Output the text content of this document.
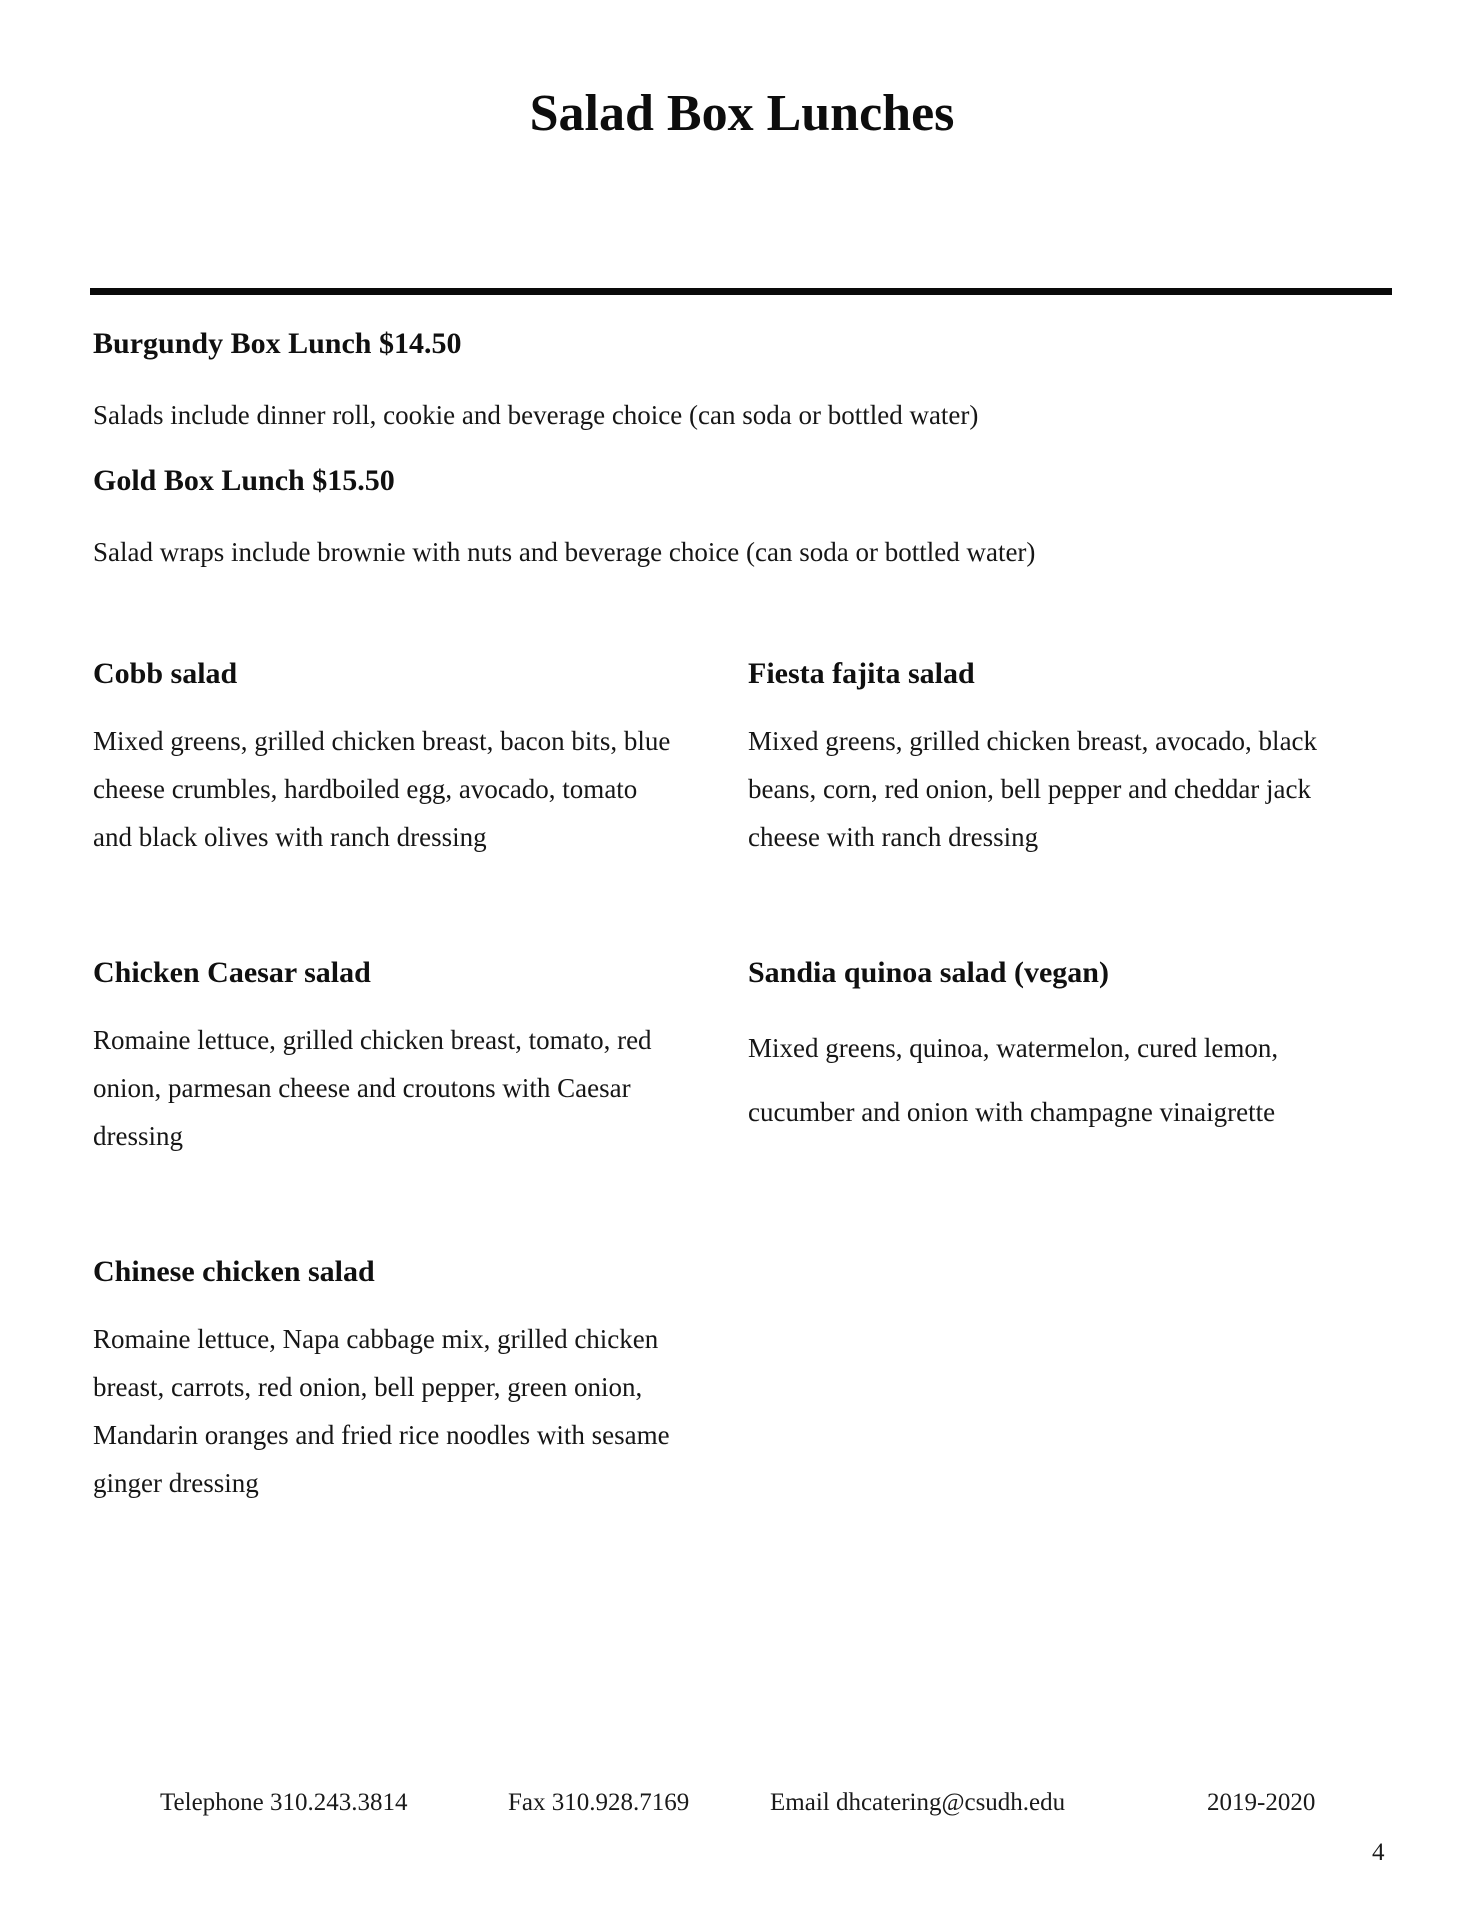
Salad Box Lunches
Burgundy Box Lunch $14.50

Salads include dinner roll, cookie and beverage choice (can soda or bottled water)

Gold Box Lunch $15.50

Salad wraps include brownie with nuts and beverage choice (can soda or bottled water)

Cobb salad
Mixed greens, grilled chicken breast, bacon bits, blue
cheese crumbles, hardboiled egg, avocado, tomato
and black olives with ranch dressing
Fiesta fajita salad
Mixed greens, grilled chicken breast, avocado, black
beans, corn, red onion, bell pepper and cheddar jack
cheese with ranch dressing
Chicken Caesar salad
Romaine lettuce, grilled chicken breast, tomato, red
onion, parmesan cheese and croutons with Caesar
dressing
Sandia quinoa salad (vegan)
Mixed greens, quinoa, watermelon, cured lemon,
cucumber and onion with champagne vinaigrette
Chinese chicken salad
Romaine lettuce, Napa cabbage mix, grilled chicken
breast, carrots, red onion, bell pepper, green onion,
Mandarin oranges and fried rice noodles with sesame
ginger dressing
Telephone 310.243.3814	Fax 310.928.7169	Email dhcatering@csudh.edu	2019-2020
4
